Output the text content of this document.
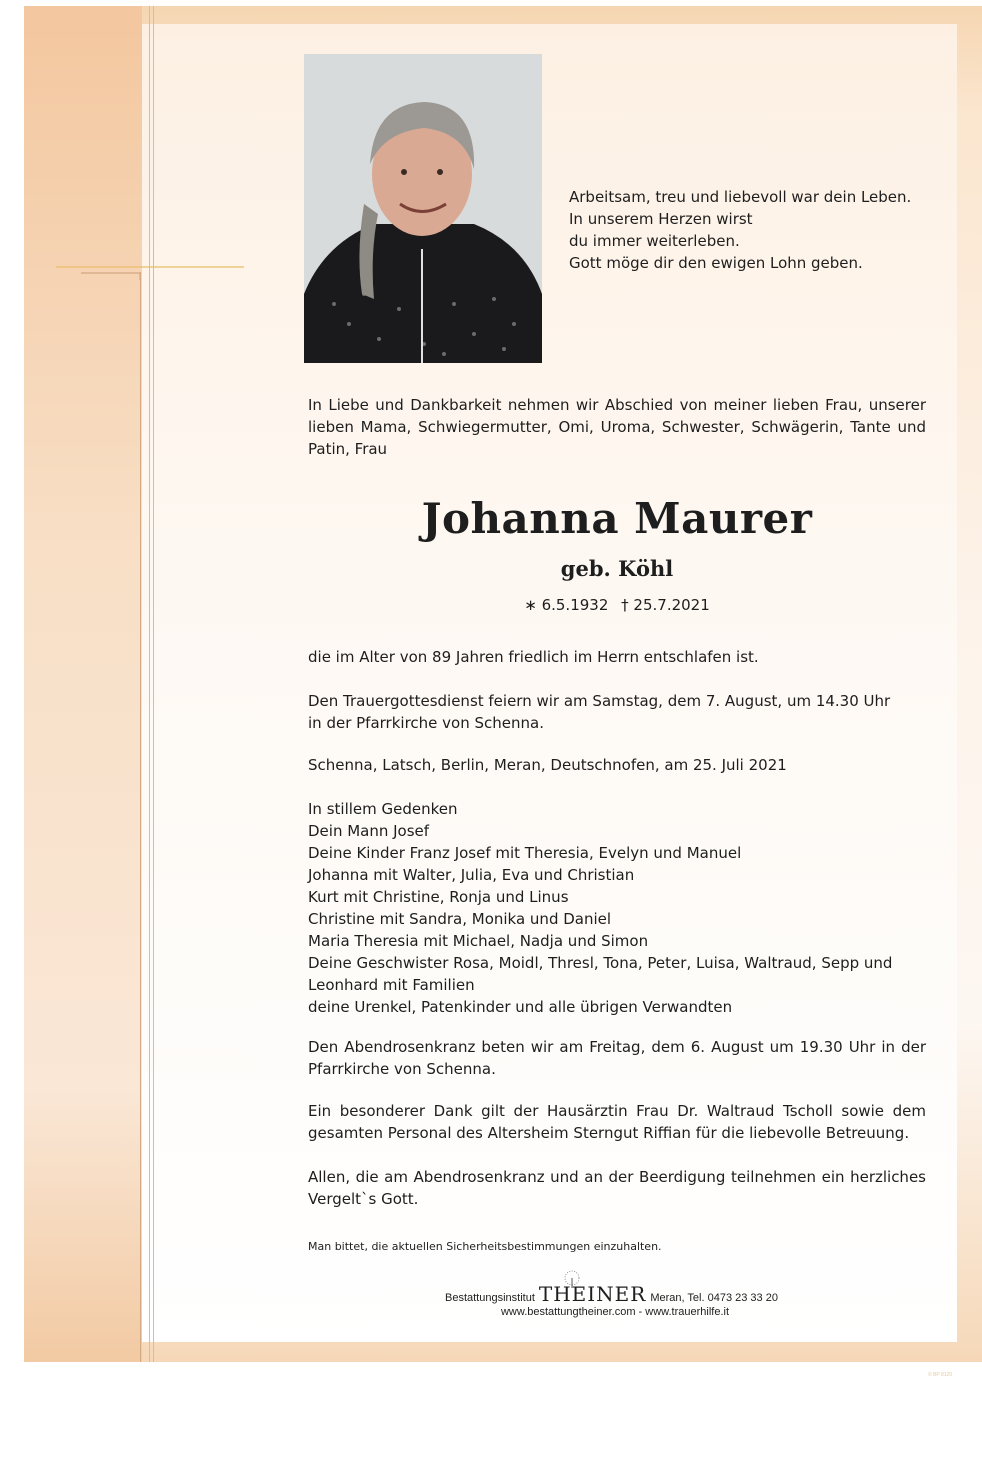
Arbeitsam, treu und liebevoll war dein Leben.
In unserem Herzen wirst
du immer weiterleben.
Gott möge dir den ewigen Lohn geben.
In Liebe und Dankbarkeit nehmen wir Abschied von meiner lieben Frau, unserer lieben Mama, Schwiegermutter, Omi, Uroma, Schwester, Schwägerin, Tante und Patin, Frau
Johanna Maurer
geb. Köhl
∗ 6.5.1932 † 25.7.2021
die im Alter von 89 Jahren friedlich im Herrn entschlafen ist.
Den Trauergottesdienst feiern wir am Samstag, dem 7. August, um 14.30 Uhr in der Pfarrkirche von Schenna.
Schenna, Latsch, Berlin, Meran, Deutschnofen, am 25. Juli 2021
In stillem Gedenken
Dein Mann Josef
Deine Kinder Franz Josef mit Theresia, Evelyn und Manuel
Johanna mit Walter, Julia, Eva und Christian
Kurt mit Christine, Ronja und Linus
Christine mit Sandra, Monika und Daniel
Maria Theresia mit Michael, Nadja und Simon
Deine Geschwister Rosa, Moidl, Thresl, Tona, Peter, Luisa, Waltraud, Sepp und
Leonhard mit Familien
deine Urenkel, Patenkinder und alle übrigen Verwandten
Den Abendrosenkranz beten wir am Freitag, dem 6. August um 19.30 Uhr in der Pfarrkirche von Schenna.
Ein besonderer Dank gilt der Hausärztin Frau Dr. Waltraud Tscholl sowie dem gesamten Personal des Altersheim Sterngut Riffian für die liebevolle Betreuung.
Allen, die am Abendrosenkranz und an der Beerdigung teilnehmen ein herzliches Vergelt`s Gott.
Man bittet, die aktuellen Sicherheitsbestimmungen einzuhalten.
Bestattungsinstitut THEINER Meran, Tel. 0473 23 33 20
www.bestattungtheiner.com - www.trauerhilfe.it
© BP 8120
